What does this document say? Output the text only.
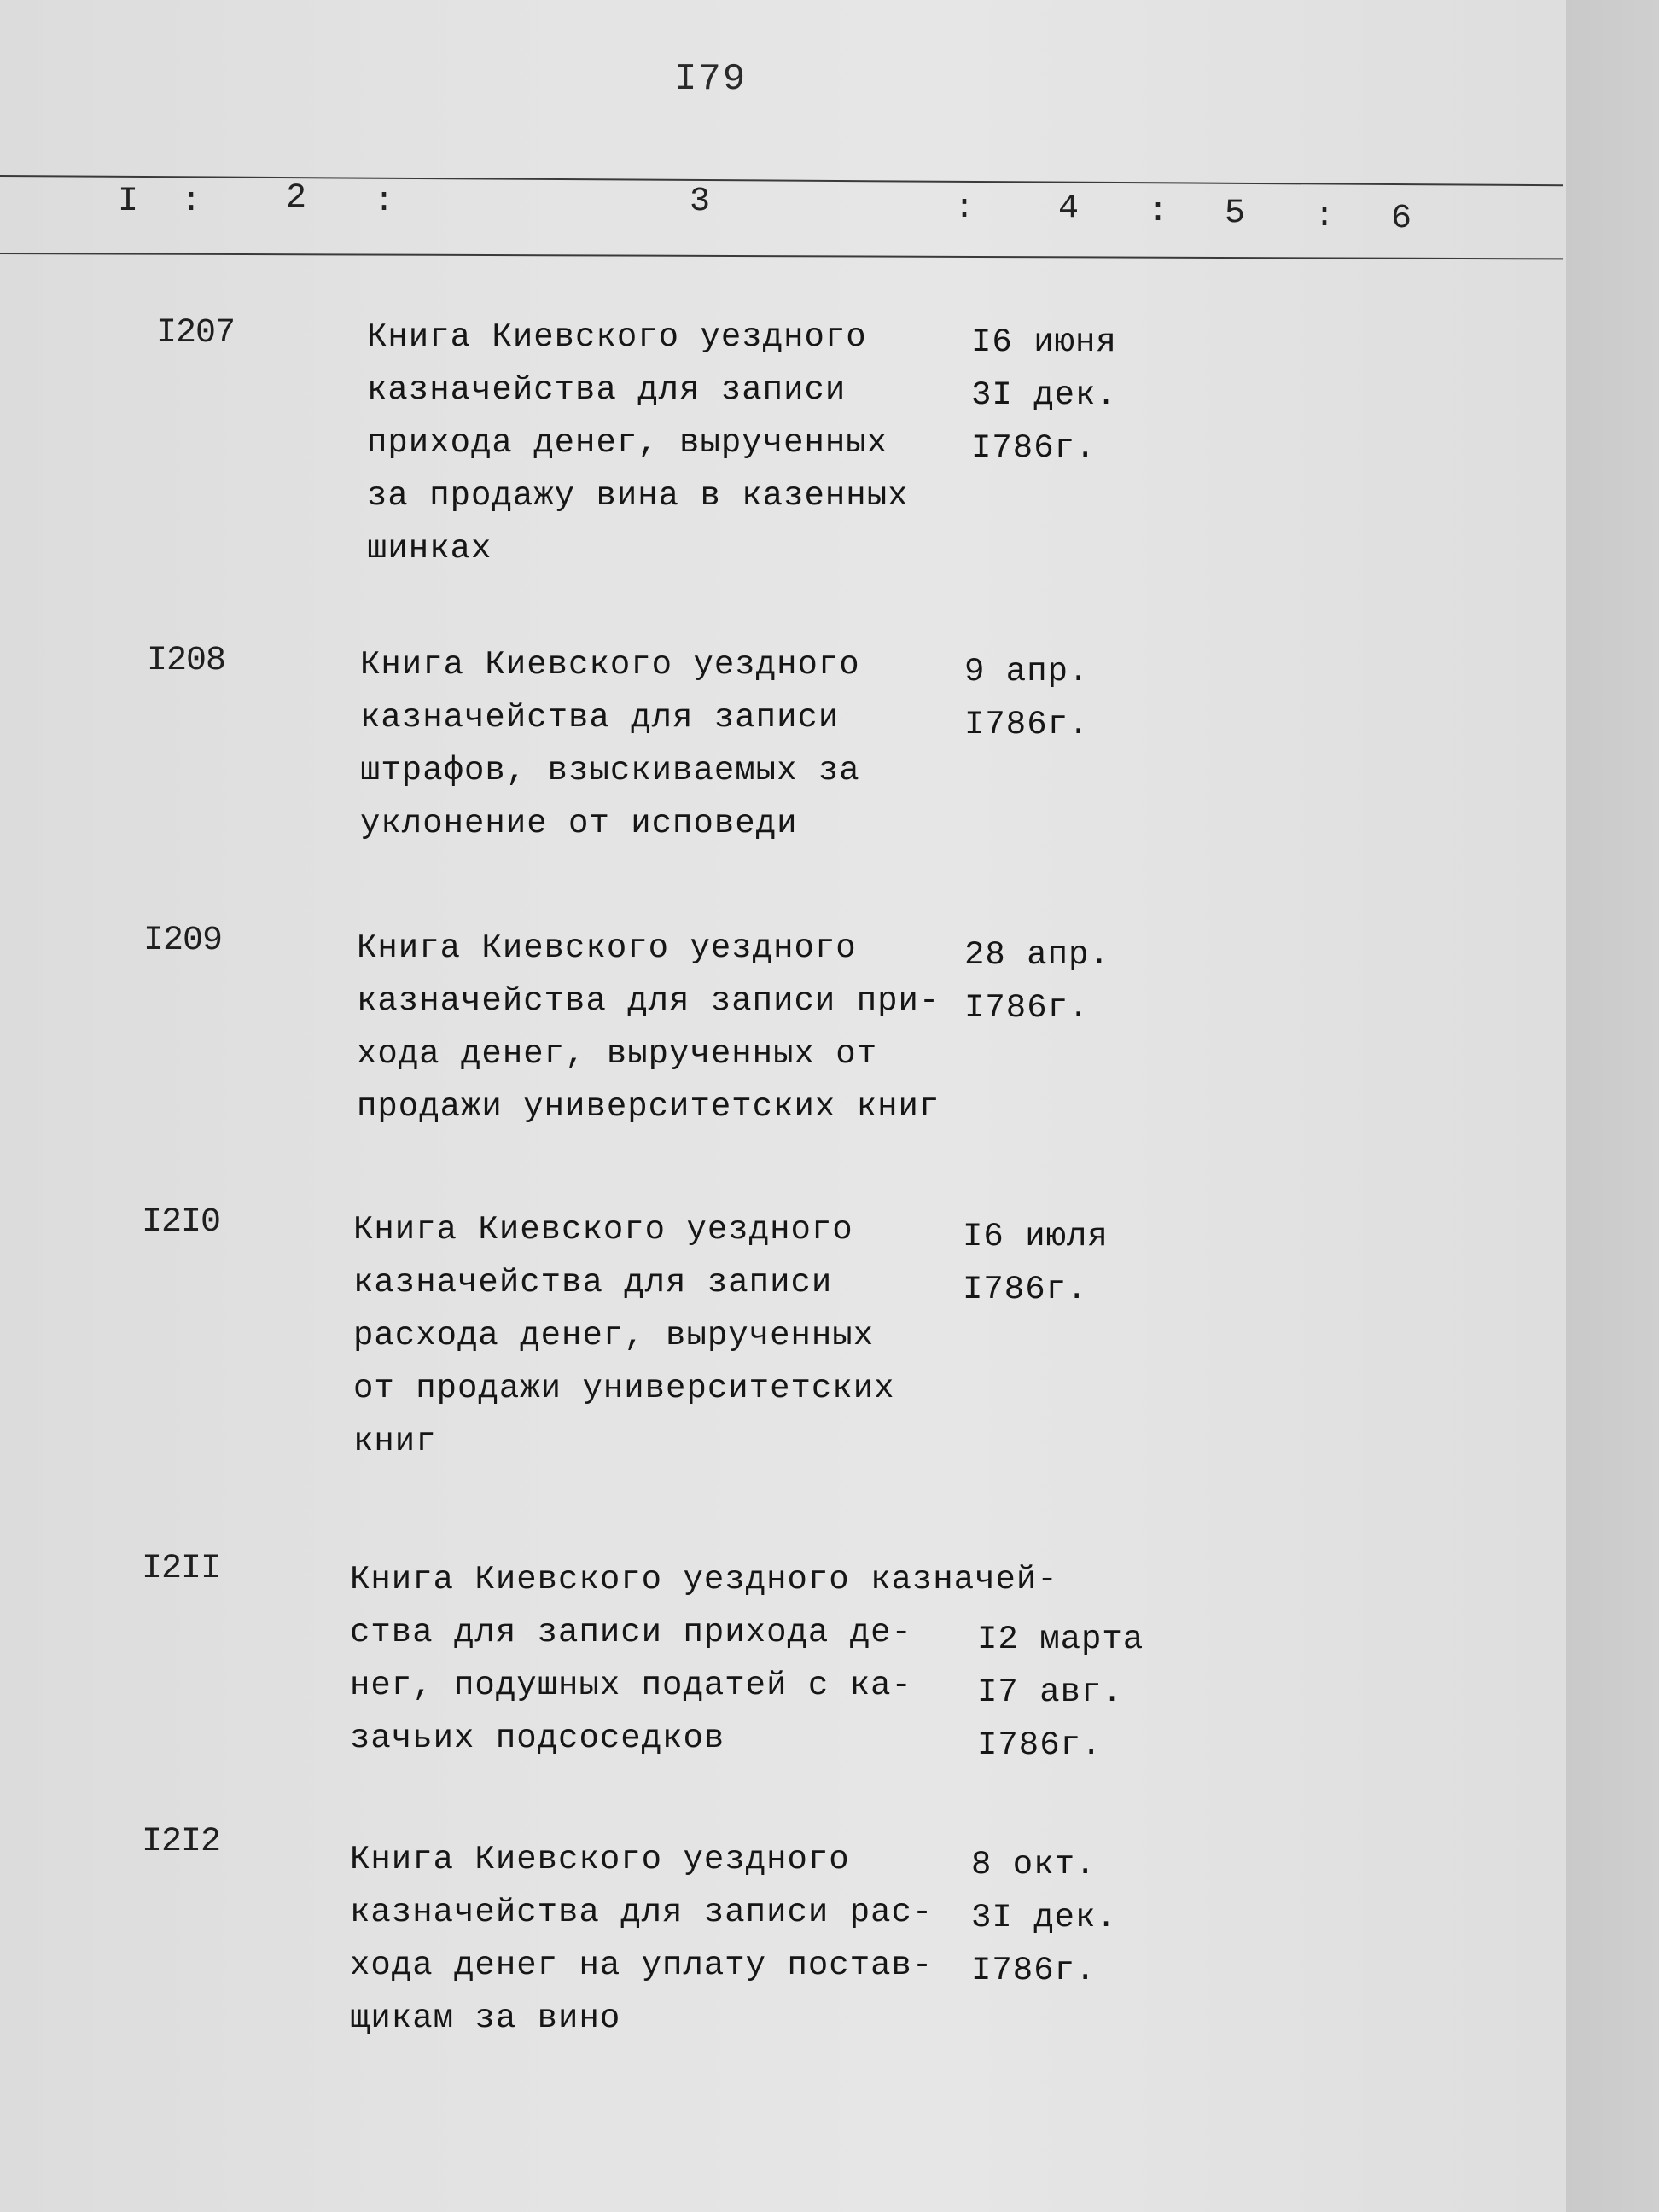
I79
I : 2 :	3	: 4 : 5 : 6
I207	Книга Киевского уездного
казначейства для записи
прихода денег, вырученных
за продажу вина в казенных
шинках
I6 июня
3I дек.
I786г.
I208	Книга Киевского уездного
казначейства для записи
штрафов, взыскиваемых за
уклонение от исповеди
9 апр.
I786г.
I209	Книга Киевского уездного
казначейства для записи при-
хода денег, вырученных от
продажи университетских книг
28 апр.
I786г.
I2I0	Книга Киевского уездного
казначейства для записи
расхода денег, вырученных
от продажи университетских
книг
I6 июля
I786г.
I2II	Книга Киевского уездного казначей-
ства для записи прихода де-
нег, подушных податей с ка-
зачьих подсоседков
I2 марта
I7 авг.
I786г.
I2I2	Книга Киевского уездного
казначейства для записи рас-
хода денег на уплату постав-
щикам за вино
8 окт.
3I дек.
I786г.
